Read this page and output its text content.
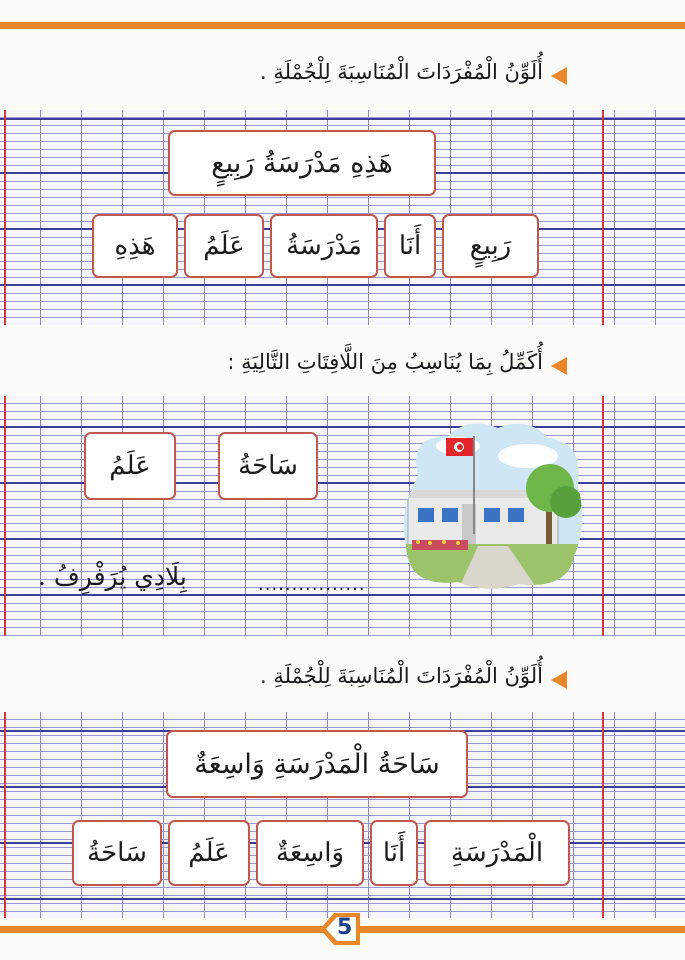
أُلَوِّنُ الْمُفْرَدَاتَ الْمُنَاسِبَةَ لِلْجُمْلَةِ .
هَذِهِ مَدْرَسَةُ رَبِيعٍ
رَبِيعٍ
أَنَا
مَدْرَسَةُ
عَلَمُ
هَذِهِ
أُكَمِّلُ بِمَا يُنَاسِبُ مِنَ اللَّافِتَاتِ التَّالِيَةِ :
سَاحَةُ
عَلَمُ
بِلَادِي يُرَفْرِفُ .	................
أُلَوِّنُ الْمُفْرَدَاتَ الْمُنَاسِبَةَ لِلْجُمْلَةِ .
سَاحَةُ الْمَدْرَسَةِ وَاسِعَةٌ
الْمَدْرَسَةِ
أَنَا
وَاسِعَةٌ
عَلَمُ
سَاحَةُ
5
